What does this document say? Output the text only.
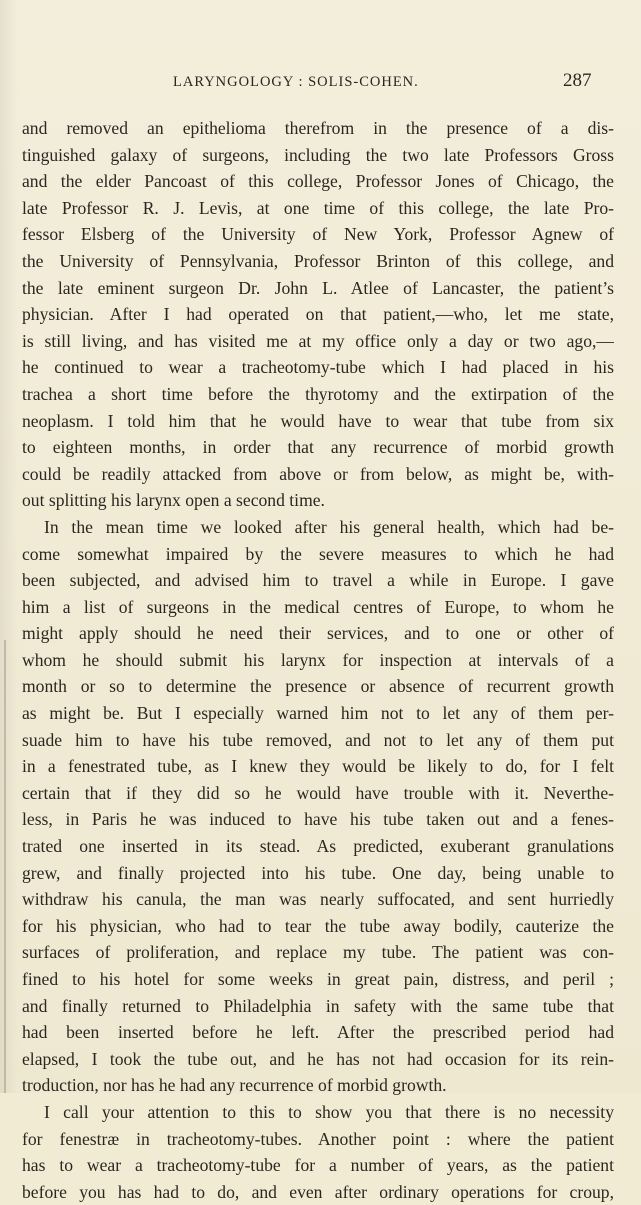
LARYNGOLOGY : SOLIS-COHEN.	287
and removed an epithelioma therefrom in the presence of a dis-
tinguished galaxy of surgeons, including the two late Professors Gross
and the elder Pancoast of this college, Professor Jones of Chicago, the
late Professor R. J. Levis, at one time of this college, the late Pro-
fessor Elsberg of the University of New York, Professor Agnew of
the University of Pennsylvania, Professor Brinton of this college, and
the late eminent surgeon Dr. John L. Atlee of Lancaster, the patient’s
physician. After I had operated on that patient,—who, let me state,
is still living, and has visited me at my office only a day or two ago,—
he continued to wear a tracheotomy-tube which I had placed in his
trachea a short time before the thyrotomy and the extirpation of the
neoplasm. I told him that he would have to wear that tube from six
to eighteen months, in order that any recurrence of morbid growth
could be readily attacked from above or from below, as might be, with-
out splitting his larynx open a second time.
In the mean time we looked after his general health, which had be-
come somewhat impaired by the severe measures to which he had
been subjected, and advised him to travel a while in Europe. I gave
him a list of surgeons in the medical centres of Europe, to whom he
might apply should he need their services, and to one or other of
whom he should submit his larynx for inspection at intervals of a
month or so to determine the presence or absence of recurrent growth
as might be. But I especially warned him not to let any of them per-
suade him to have his tube removed, and not to let any of them put
in a fenestrated tube, as I knew they would be likely to do, for I felt
certain that if they did so he would have trouble with it. Neverthe-
less, in Paris he was induced to have his tube taken out and a fenes-
trated one inserted in its stead. As predicted, exuberant granulations
grew, and finally projected into his tube. One day, being unable to
withdraw his canula, the man was nearly suffocated, and sent hurriedly
for his physician, who had to tear the tube away bodily, cauterize the
surfaces of proliferation, and replace my tube. The patient was con-
fined to his hotel for some weeks in great pain, distress, and peril ;
and finally returned to Philadelphia in safety with the same tube that
had been inserted before he left. After the prescribed period had
elapsed, I took the tube out, and he has not had occasion for its rein-
troduction, nor has he had any recurrence of morbid growth.
I call your attention to this to show you that there is no necessity
for fenestræ in tracheotomy-tubes. Another point : where the patient
has to wear a tracheotomy-tube for a number of years, as the patient
before you has had to do, and even after ordinary operations for croup,
